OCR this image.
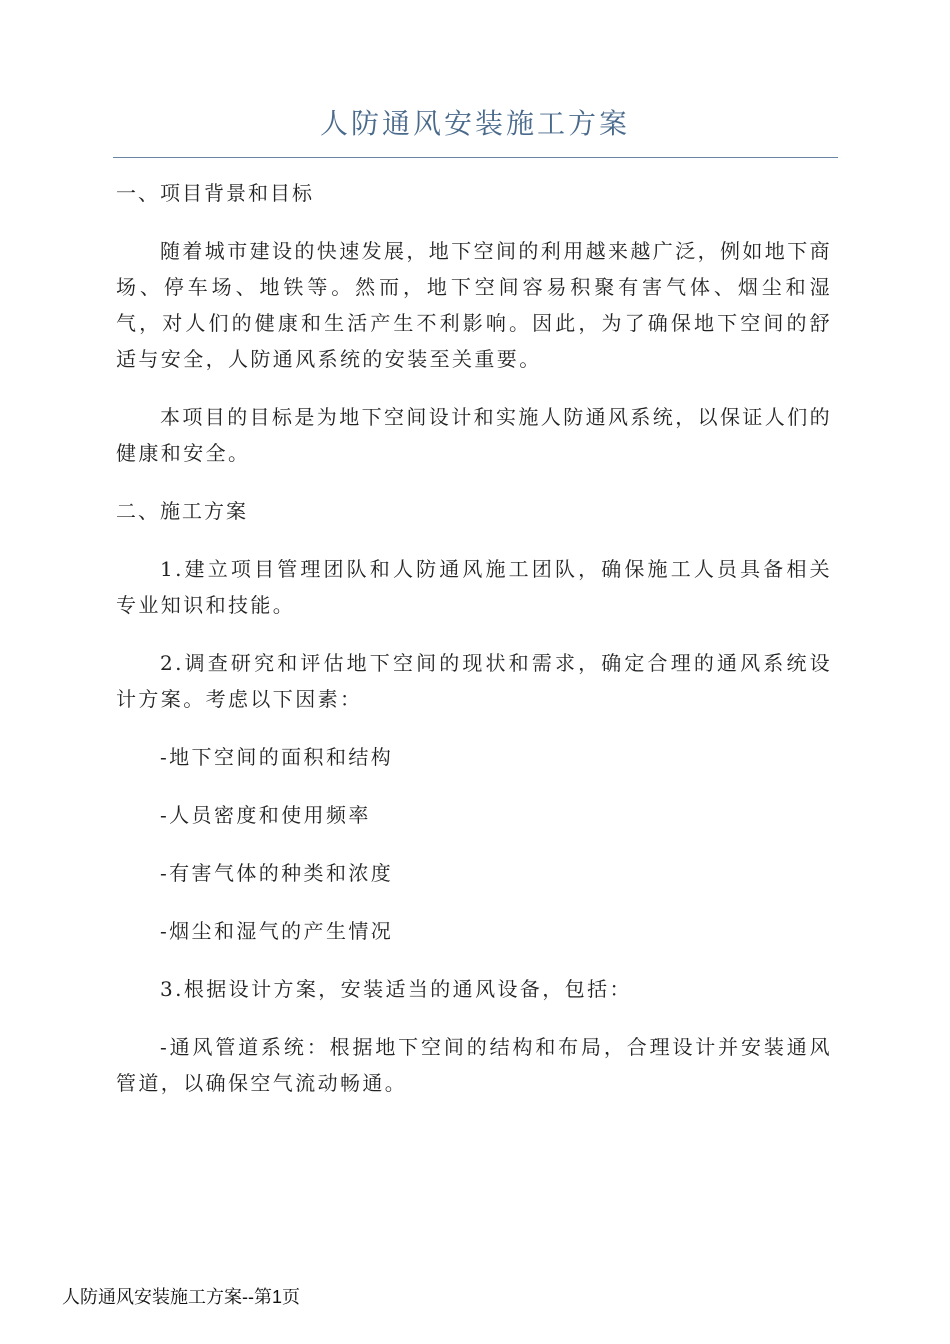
人防通风安装施工方案
一、项目背景和目标

随着城市建设的快速发展，地下空间的利用越来越广泛，例如地下商场、停车场、地铁等。然而，地下空间容易积聚有害气体、烟尘和湿气，对人们的健康和生活产生不利影响。因此，为了确保地下空间的舒适与安全，人防通风系统的安装至关重要。

本项目的目标是为地下空间设计和实施人防通风系统，以保证人们的健康和安全。

二、施工方案

1.建立项目管理团队和人防通风施工团队，确保施工人员具备相关专业知识和技能。

2.调查研究和评估地下空间的现状和需求，确定合理的通风系统设计方案。考虑以下因素：

-地下空间的面积和结构

-人员密度和使用频率

-有害气体的种类和浓度

-烟尘和湿气的产生情况

3.根据设计方案，安装适当的通风设备，包括：

-通风管道系统：根据地下空间的结构和布局，合理设计并安装通风管道，以确保空气流动畅通。

人防通风安装施工方案--第1页
